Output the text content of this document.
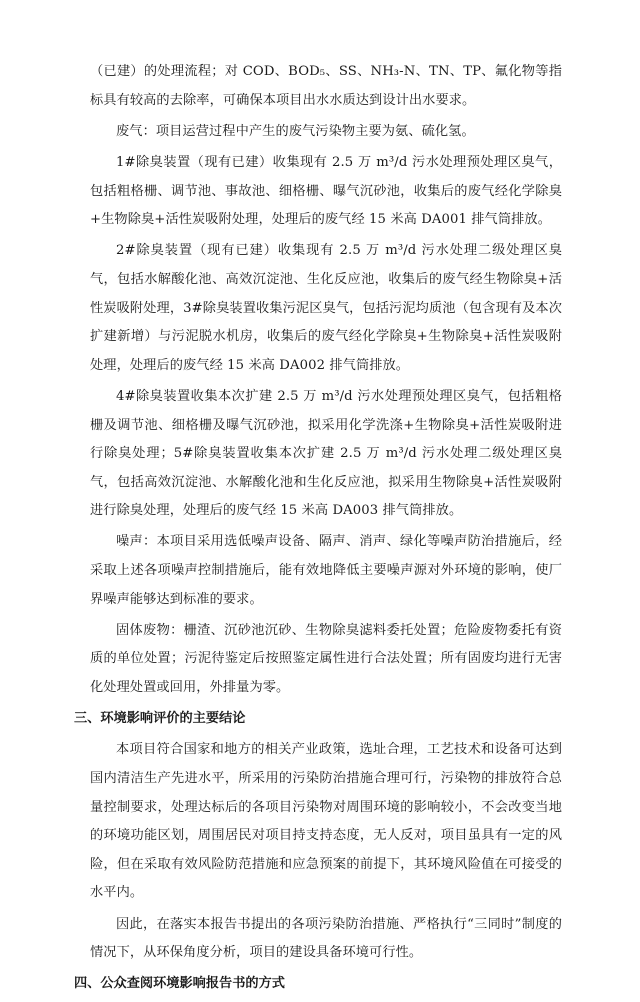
（已建）的处理流程；对 COD、BOD₅、SS、NH₃-N、TN、TP、氟化物等指标具有较高的去除率，可确保本项目出水水质达到设计出水要求。

废气：项目运营过程中产生的废气污染物主要为氨、硫化氢。

1#除臭装置（现有已建）收集现有 2.5 万 m³/d 污水处理预处理区臭气，包括粗格栅、调节池、事故池、细格栅、曝气沉砂池，收集后的废气经化学除臭+生物除臭+活性炭吸附处理，处理后的废气经 15 米高 DA001 排气筒排放。

2#除臭装置（现有已建）收集现有 2.5 万 m³/d 污水处理二级处理区臭气，包括水解酸化池、高效沉淀池、生化反应池，收集后的废气经生物除臭+活性炭吸附处理，3#除臭装置收集污泥区臭气，包括污泥均质池（包含现有及本次扩建新增）与污泥脱水机房，收集后的废气经化学除臭+生物除臭+活性炭吸附处理，处理后的废气经 15 米高 DA002 排气筒排放。

4#除臭装置收集本次扩建 2.5 万 m³/d 污水处理预处理区臭气，包括粗格栅及调节池、细格栅及曝气沉砂池，拟采用化学洗涤+生物除臭+活性炭吸附进行除臭处理；5#除臭装置收集本次扩建 2.5 万 m³/d 污水处理二级处理区臭气，包括高效沉淀池、水解酸化池和生化反应池，拟采用生物除臭+活性炭吸附进行除臭处理，处理后的废气经 15 米高 DA003 排气筒排放。

噪声：本项目采用选低噪声设备、隔声、消声、绿化等噪声防治措施后，经采取上述各项噪声控制措施后，能有效地降低主要噪声源对外环境的影响，使厂界噪声能够达到标准的要求。

固体废物：栅渣、沉砂池沉砂、生物除臭滤料委托处置；危险废物委托有资质的单位处置；污泥待鉴定后按照鉴定属性进行合法处置；所有固废均进行无害化处理处置或回用，外排量为零。

三、环境影响评价的主要结论

本项目符合国家和地方的相关产业政策，选址合理，工艺技术和设备可达到国内清洁生产先进水平，所采用的污染防治措施合理可行，污染物的排放符合总量控制要求，处理达标后的各项目污染物对周围环境的影响较小，不会改变当地的环境功能区划，周围居民对项目持支持态度，无人反对，项目虽具有一定的风险，但在采取有效风险防范措施和应急预案的前提下，其环境风险值在可接受的水平内。

因此，在落实本报告书提出的各项污染防治措施、严格执行“三同时”制度的情况下，从环保角度分析，项目的建设具备环境可行性。

四、公众查阅环境影响报告书的方式
